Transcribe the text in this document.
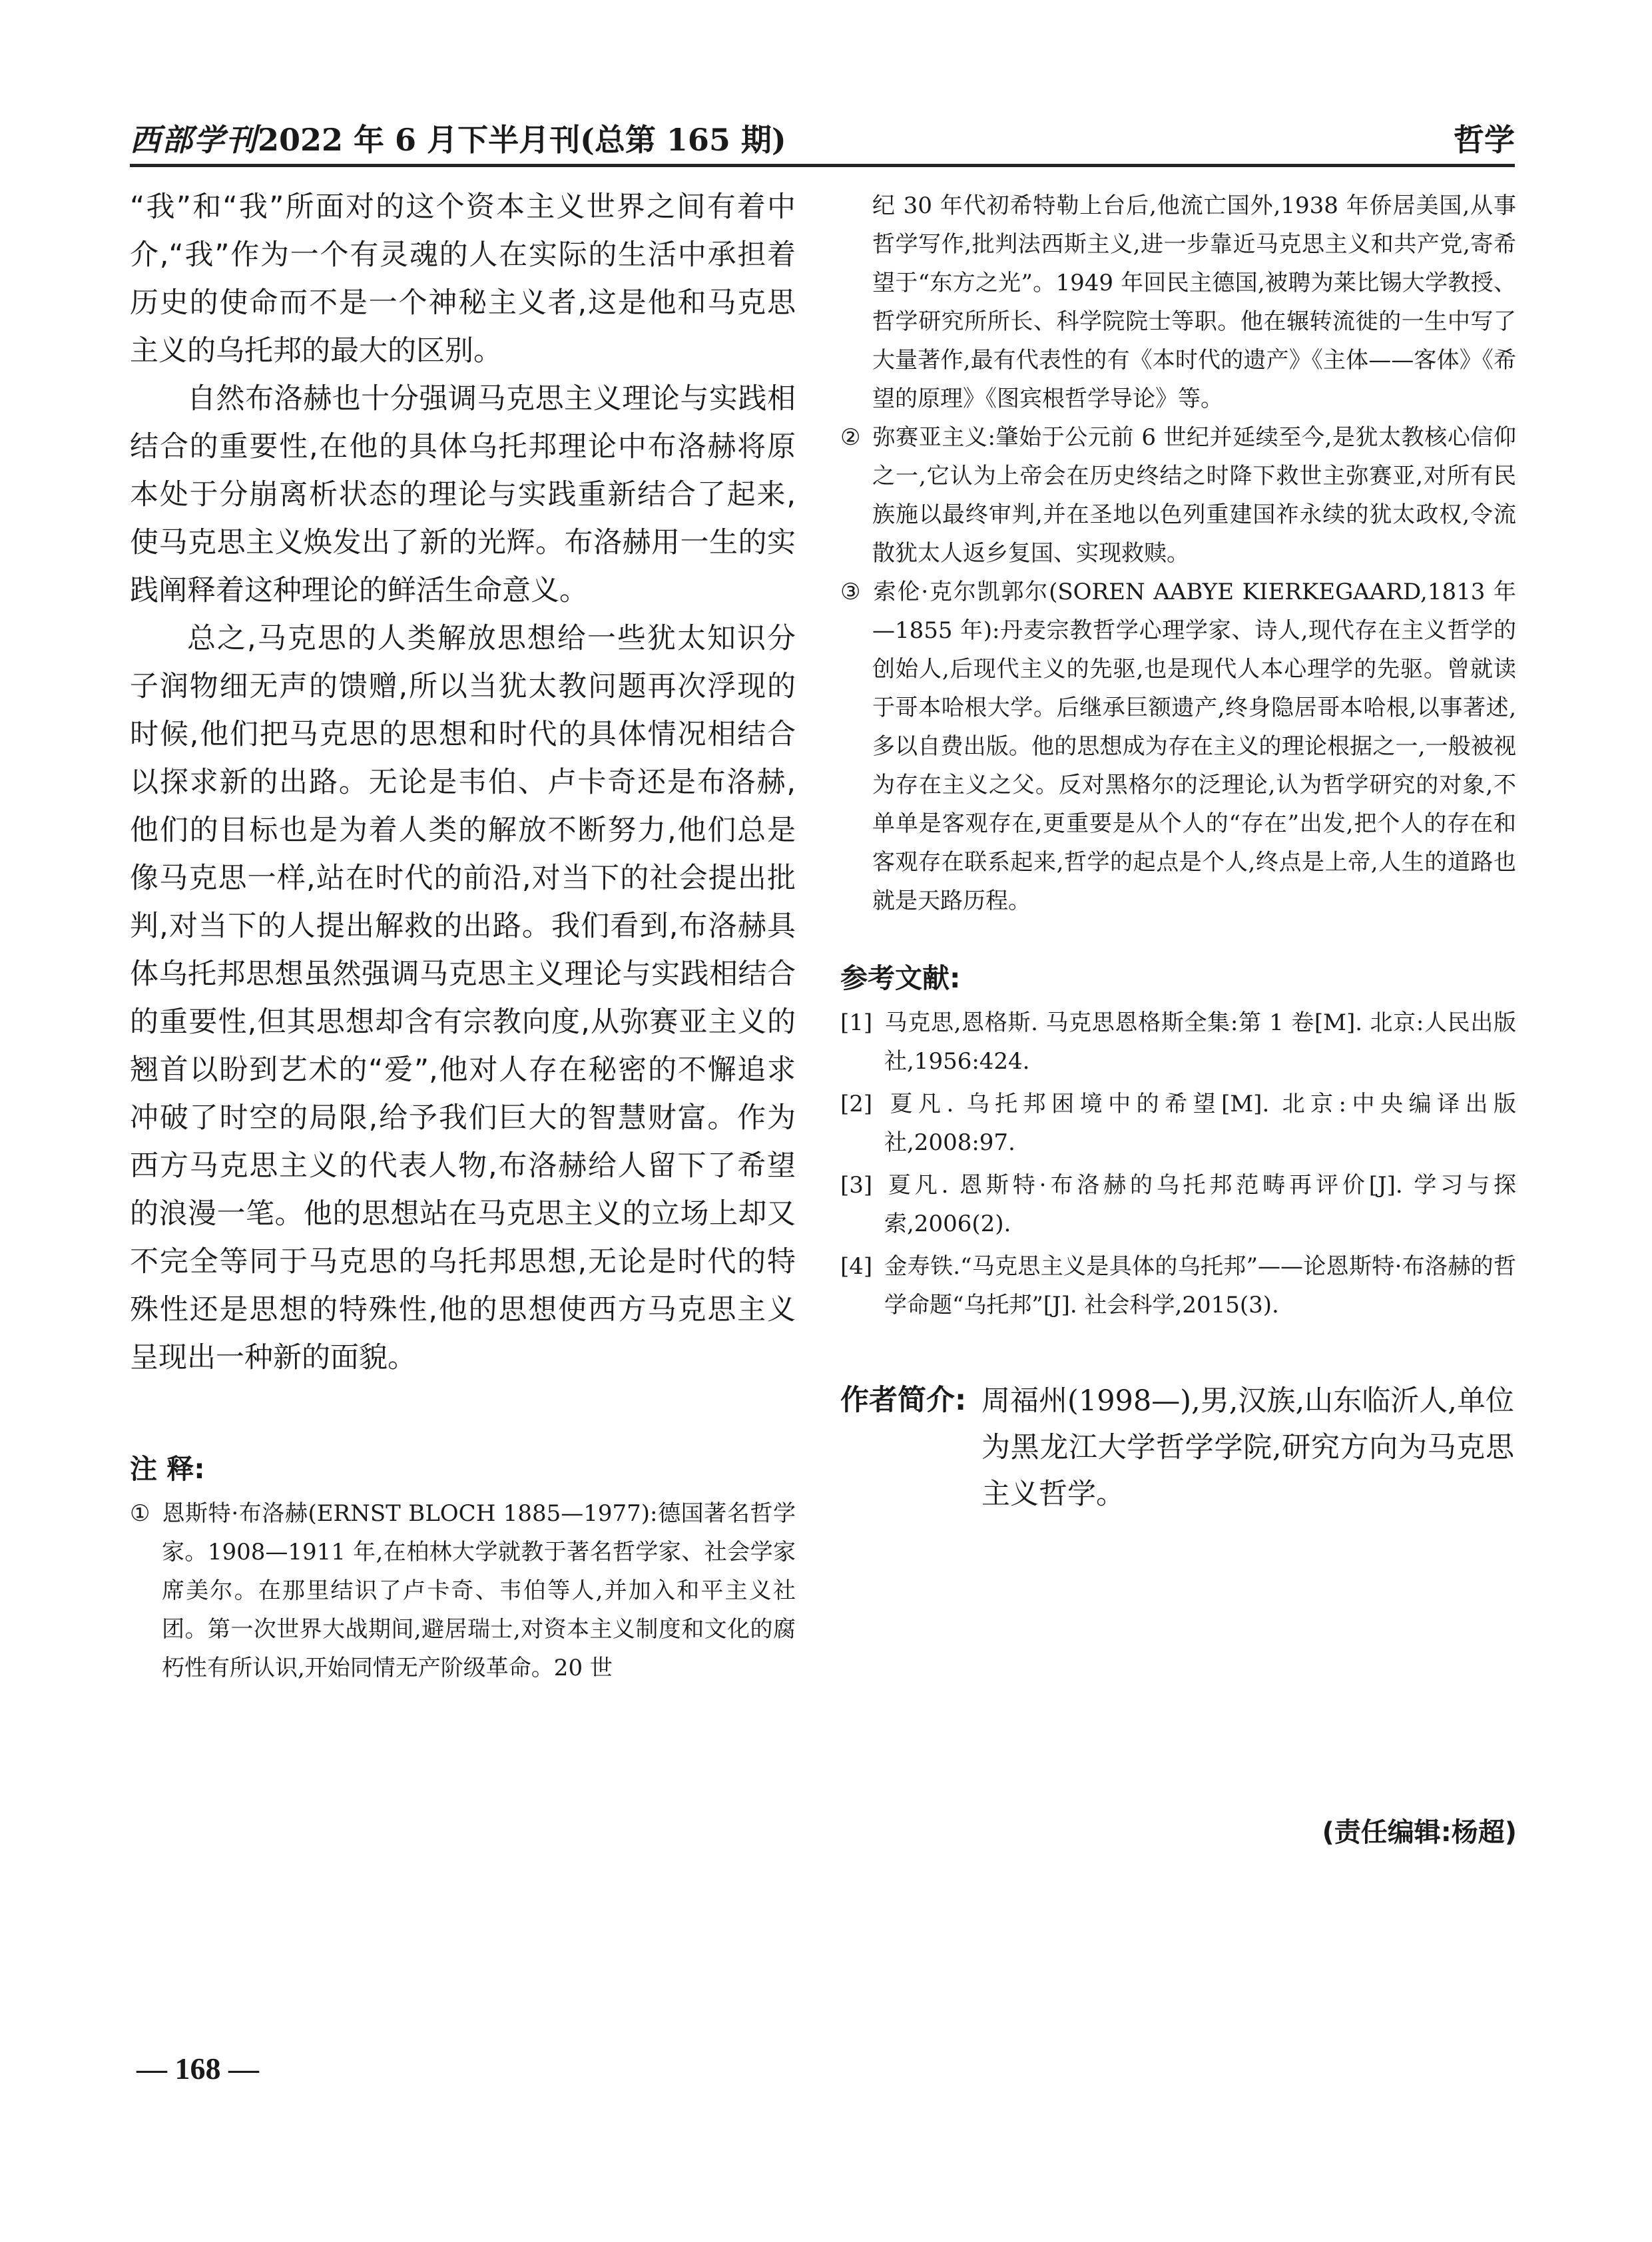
西部学刊2022 年 6 月下半月刊(总第 165 期)	哲学

“我”和“我”所面对的这个资本主义世界之间有着中介,“我”作为一个有灵魂的人在实际的生活中承担着历史的使命而不是一个神秘主义者,这是他和马克思主义的乌托邦的最大的区别。

自然布洛赫也十分强调马克思主义理论与实践相结合的重要性,在他的具体乌托邦理论中布洛赫将原本处于分崩离析状态的理论与实践重新结合了起来,使马克思主义焕发出了新的光辉。布洛赫用一生的实践阐释着这种理论的鲜活生命意义。

总之,马克思的人类解放思想给一些犹太知识分子润物细无声的馈赠,所以当犹太教问题再次浮现的时候,他们把马克思的思想和时代的具体情况相结合以探求新的出路。无论是韦伯、卢卡奇还是布洛赫,他们的目标也是为着人类的解放不断努力,他们总是像马克思一样,站在时代的前沿,对当下的社会提出批判,对当下的人提出解救的出路。我们看到,布洛赫具体乌托邦思想虽然强调马克思主义理论与实践相结合的重要性,但其思想却含有宗教向度,从弥赛亚主义的翘首以盼到艺术的“爱”,他对人存在秘密的不懈追求冲破了时空的局限,给予我们巨大的智慧财富。作为西方马克思主义的代表人物,布洛赫给人留下了希望的浪漫一笔。他的思想站在马克思主义的立场上却又不完全等同于马克思的乌托邦思想,无论是时代的特殊性还是思想的特殊性,他的思想使西方马克思主义呈现出一种新的面貌。

注 释:

① 恩斯特·布洛赫(ERNST BLOCH 1885—1977):德国著名哲学家。1908—1911 年,在柏林大学就教于著名哲学家、社会学家席美尔。在那里结识了卢卡奇、韦伯等人,并加入和平主义社团。第一次世界大战期间,避居瑞士,对资本主义制度和文化的腐朽性有所认识,开始同情无产阶级革命。20 世

纪 30 年代初希特勒上台后,他流亡国外,1938 年侨居美国,从事哲学写作,批判法西斯主义,进一步靠近马克思主义和共产党,寄希望于“东方之光”。1949 年回民主德国,被聘为莱比锡大学教授、哲学研究所所长、科学院院士等职。他在辗转流徙的一生中写了大量著作,最有代表性的有《本时代的遗产》《主体——客体》《希望的原理》《图宾根哲学导论》等。

② 弥赛亚主义:肇始于公元前 6 世纪并延续至今,是犹太教核心信仰之一,它认为上帝会在历史终结之时降下救世主弥赛亚,对所有民族施以最终审判,并在圣地以色列重建国祚永续的犹太政权,令流散犹太人返乡复国、实现救赎。

③ 索伦·克尔凯郭尔(SOREN AABYE KIERKEGAARD,1813 年—1855 年):丹麦宗教哲学心理学家、诗人,现代存在主义哲学的创始人,后现代主义的先驱,也是现代人本心理学的先驱。曾就读于哥本哈根大学。后继承巨额遗产,终身隐居哥本哈根,以事著述,多以自费出版。他的思想成为存在主义的理论根据之一,一般被视为存在主义之父。反对黑格尔的泛理论,认为哲学研究的对象,不单单是客观存在,更重要是从个人的“存在”出发,把个人的存在和客观存在联系起来,哲学的起点是个人,终点是上帝,人生的道路也就是天路历程。

参考文献:

[1] 马克思,恩格斯. 马克思恩格斯全集:第 1 卷[M]. 北京:人民出版社,1956:424.

[2] 夏凡. 乌托邦困境中的希望[M]. 北京:中央编译出版社,2008:97.

[3] 夏凡. 恩斯特·布洛赫的乌托邦范畴再评价[J]. 学习与探索,2006(2).

[4] 金寿铁.“马克思主义是具体的乌托邦”——论恩斯特·布洛赫的哲学命题“乌托邦”[J]. 社会科学,2015(3).

作者简介: 周福州(1998—),男,汉族,山东临沂人,单位为黑龙江大学哲学学院,研究方向为马克思主义哲学。

(责任编辑:杨超)
— 168 —
